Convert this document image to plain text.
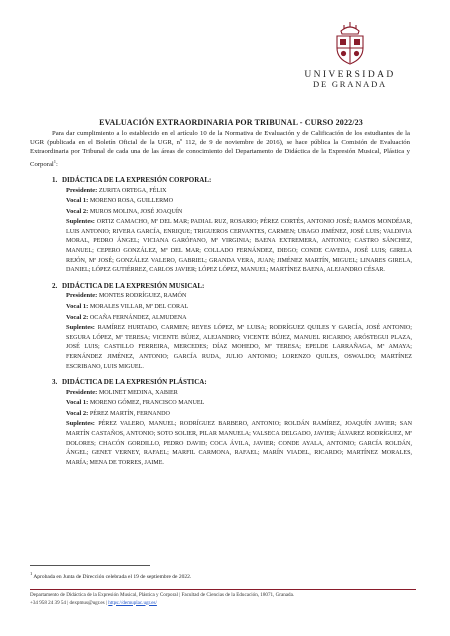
UNIVERSIDAD
DE GRANADA
EVALUACIÓN EXTRAORDINARIA POR TRIBUNAL - CURSO 2022/23

Para dar cumplimiento a lo establecido en el artículo 10 de la Normativa de Evaluación y de Calificación de los estudiantes de la UGR (publicada en el Boletín Oficial de la UGR, nº 112, de 9 de noviembre de 2016), se hace pública la Comisión de Evaluación Extraordinaria por Tribunal de cada una de las áreas de conocimiento del Departamento de Didáctica de la Expresión Musical, Plástica y Corporal$^1$:

1. DIDÁCTICA DE LA EXPRESIÓN CORPORAL:
Presidente: ZURITA ORTEGA, FÉLIX
Vocal 1: MORENO ROSA, GUILLERMO
Vocal 2: MUROS MOLINA, JOSÉ JOAQUÍN
Suplentes: ORTIZ CAMACHO, Mª DEL MAR; PADIAL RUZ, ROSARIO; PÉREZ CORTÉS, ANTONIO JOSÉ; RAMOS MONDÉJAR, LUIS ANTONIO; RIVERA GARCÍA, ENRIQUE; TRIGUEROS CERVANTES, CARMEN; UBAGO JIMÉNEZ, JOSÉ LUIS; VALDIVIA MORAL, PEDRO ÁNGEL; VICIANA GARÓFANO, Mª VIRGINIA; BAENA EXTREMERA, ANTONIO; CASTRO SÁNCHEZ, MANUEL; CEPERO GONZÁLEZ, Mª DEL MAR; COLLADO FERNÁNDEZ, DIEGO; CONDE CAVEDA, JOSÉ LUIS; GIRELA REJÓN, Mª JOSÉ; GONZÁLEZ VALERO, GABRIEL; GRANDA VERA, JUAN; JIMÉNEZ MARTÍN, MIGUEL; LINARES GIRELA, DANIEL; LÓPEZ GUTIÉRREZ, CARLOS JAVIER; LÓPEZ LÓPEZ, MANUEL; MARTÍNEZ BAENA, ALEJANDRO CÉSAR.
2. DIDÁCTICA DE LA EXPRESIÓN MUSICAL:
Presidente: MONTES RODRÍGUEZ, RAMÓN
Vocal 1: MORALES VILLAR, Mª DEL CORAL
Vocal 2: OCAÑA FERNÁNDEZ, ALMUDENA
Suplentes: RAMÍREZ HURTADO, CARMEN; REYES LÓPEZ, Mª LUISA; RODRÍGUEZ QUILES Y GARCÍA, JOSÉ ANTONIO; SEGURA LÓPEZ, Mª TERESA; VICENTE BÚJEZ, ALEJANDRO; VICENTE BÚJEZ, MANUEL RICARDO; ARÓSTEGUI PLAZA, JOSÉ LUIS; CASTILLO FERREIRA, MERCEDES; DÍAZ MOHEDO, Mª TERESA; EPELDE LARRAÑAGA, Mª AMAYA; FERNÁNDEZ JIMÉNEZ, ANTONIO; GARCÍA RUDA, JULIO ANTONIO; LORENZO QUILES, OSWALDO; MARTÍNEZ ESCRIBANO, LUIS MIGUEL.
3. DIDÁCTICA DE LA EXPRESIÓN PLÁSTICA:
Presidente: MOLINET MEDINA, XABIER
Vocal 1: MORENO GÓMEZ, FRANCISCO MANUEL
Vocal 2: PÉREZ MARTÍN, FERNANDO
Suplentes: PÉREZ VALERO, MANUEL; RODRÍGUEZ BARBERO, ANTONIO; ROLDÁN RAMÍREZ, JOAQUÍN JAVIER; SAN MARTÍN CASTAÑOS, ANTONIO; SOTO SOLIER, PILAR MANUELA; VALSECA DELGADO, JAVIER; ÁLVAREZ RODRÍGUEZ, Mª DOLORES; CHACÓN GORDILLO, PEDRO DAVID; COCA ÁVILA, JAVIER; CONDE AYALA, ANTONIO; GARCÍA ROLDÁN, ÁNGEL; GENET VERNEY, RAFAEL; MARFIL CARMONA, RAFAEL; MARÍN VIADEL, RICARDO; MARTÍNEZ MORALES, MARÍA; MENA DE TORRES, JAIME.
$^1$ Aprobada en Junta de Dirección celebrada el 19 de septiembre de 2022.
Departamento de Didáctica de la Expresión Musical, Plástica y Corporal | Facultad de Ciencias de la Educación, 18071, Granada.
+34 958 24 39 54 | dexpmus@ugr.es | https://demuplac.ugr.es/
